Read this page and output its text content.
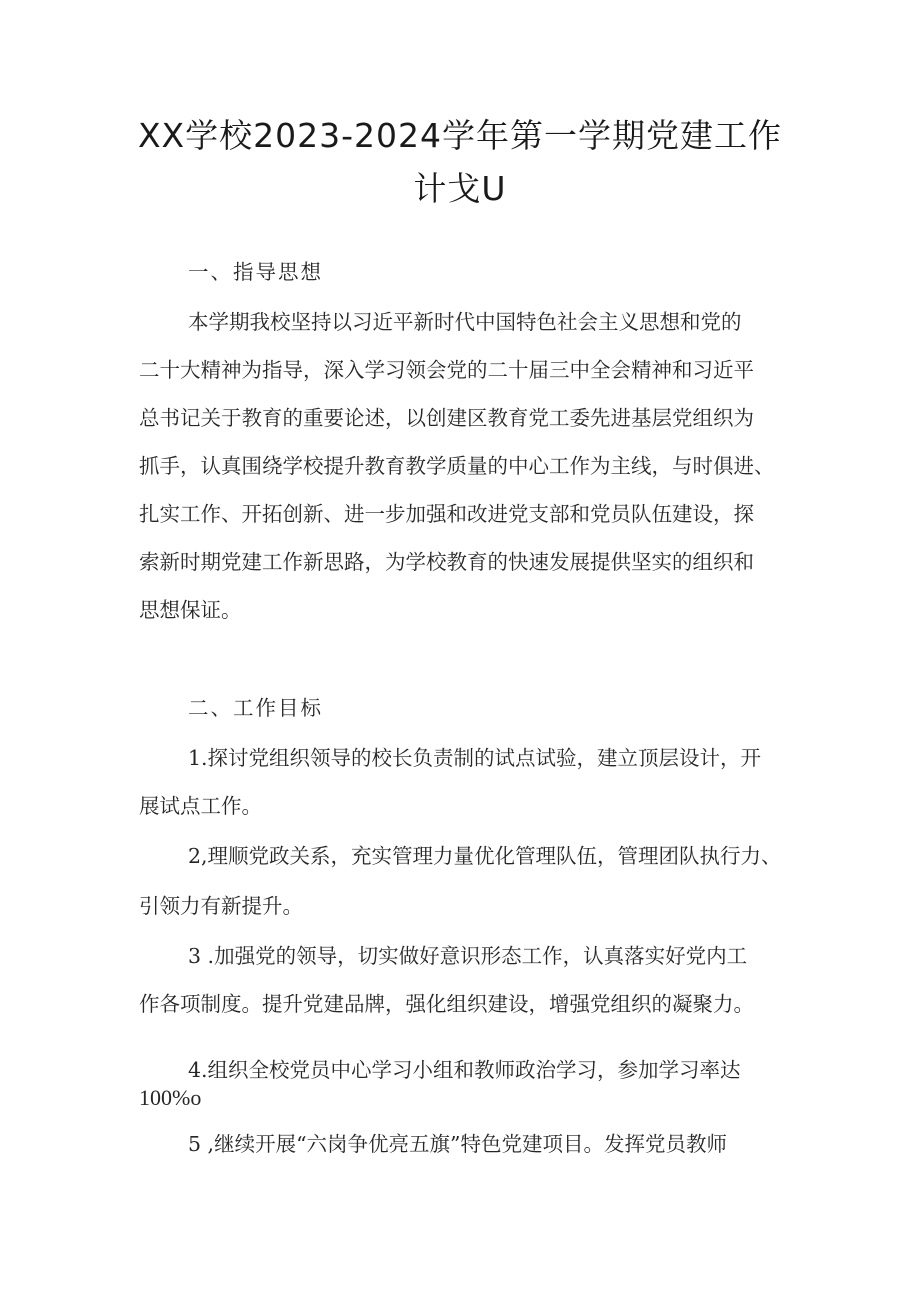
XX学校2023-2024学年第一学期党建工作
计戈U
一、指导思想
本学期我校坚持以习近平新时代中国特色社会主义思想和党的
二十大精神为指导，深入学习领会党的二十届三中全会精神和习近平
总书记关于教育的重要论述，以创建区教育党工委先进基层党组织为
抓手，认真围绕学校提升教育教学质量的中心工作为主线，与时俱进、
扎实工作、开拓创新、进一步加强和改进党支部和党员队伍建设，探
索新时期党建工作新思路，为学校教育的快速发展提供坚实的组织和
思想保证。
二、工作目标
1.探讨党组织领导的校长负责制的试点试验，建立顶层设计，开
展试点工作。
2,理顺党政关系，充实管理力量优化管理队伍，管理团队执行力、
引领力有新提升。
3 .加强党的领导，切实做好意识形态工作，认真落实好党内工
作各项制度。提升党建品牌，强化组织建设，增强党组织的凝聚力。
4.组织全校党员中心学习小组和教师政治学习，参加学习率达
100%o
5 ,继续开展“六岗争优亮五旗”特色党建项目。发挥党员教师
